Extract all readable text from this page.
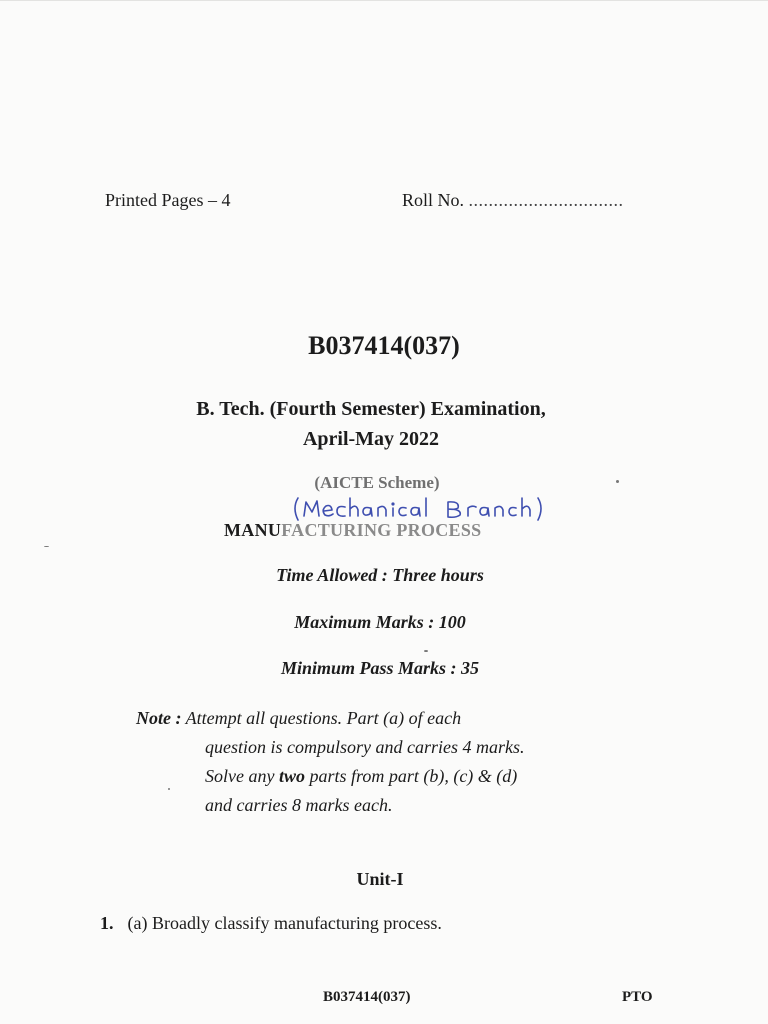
Printed Pages – 4	Roll No. ...............................
B037414(037)
B. Tech. (Fourth Semester) Examination,
April-May 2022
(AICTE Scheme)
MANUFACTURING PROCESS
Time Allowed : Three hours
Maximum Marks : 100
Minimum Pass Marks : 35
Note : Attempt all questions. Part (a) of each
question is compulsory and carries 4 marks.
Solve any two parts from part (b), (c) & (d)
and carries 8 marks each.
Unit-I
1. (a) Broadly classify manufacturing process.
B037414(037)	PTO
